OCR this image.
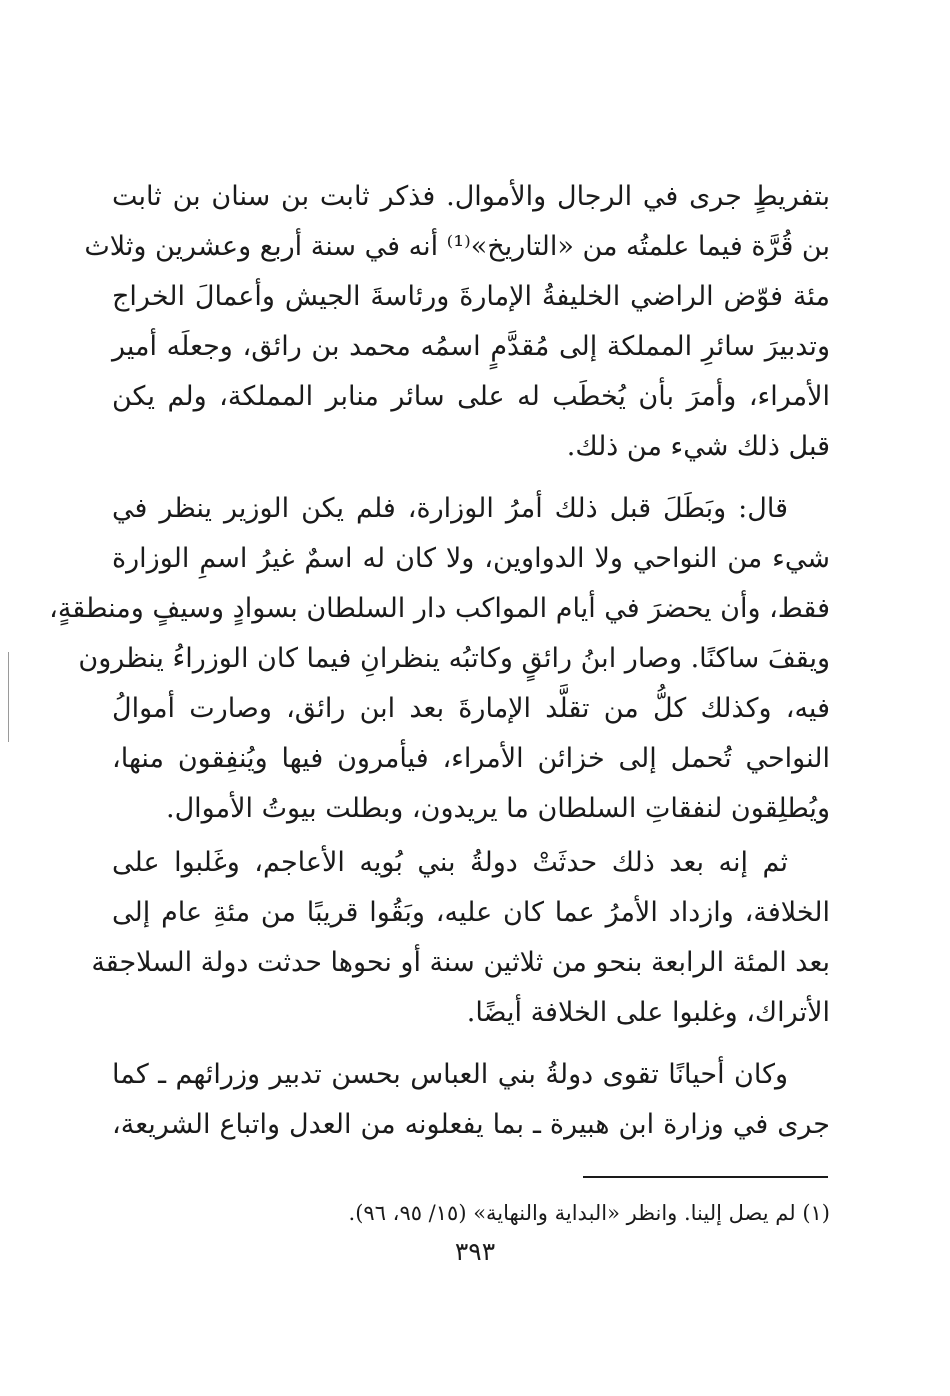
بتفريطٍ جرى في الرجال والأموال. فذكر ثابت بن سنان بن ثابت
بن قُرَّة فيما علمتُه من «التاريخ»⁽¹⁾ أنه في سنة أربع وعشرين وثلاث
مئة فوّض الراضي الخليفةُ الإمارةَ ورئاسةَ الجيش وأعمالَ الخراج
وتدبيرَ سائرِ المملكة إلى مُقدَّمٍ اسمُه محمد بن رائق، وجعلَه أمير
الأمراء، وأمرَ بأن يُخطَب له على سائر منابر المملكة، ولم يكن
قبل ذلك شيء من ذلك.
قال: وبَطَلَ قبل ذلك أمرُ الوزارة، فلم يكن الوزير ينظر في
شيء من النواحي ولا الدواوين، ولا كان له اسمٌ غيرُ اسمِ الوزارة
فقط، وأن يحضرَ في أيام المواكب دار السلطان بسوادٍ وسيفٍ ومنطقةٍ،
ويقفَ ساكنًا. وصار ابنُ رائقٍ وكاتبُه ينظرانِ فيما كان الوزراءُ ينظرون
فيه، وكذلك كلُّ من تقلَّد الإمارةَ بعد ابن رائق، وصارت أموالُ
النواحي تُحمل إلى خزائن الأمراء، فيأمرون فيها ويُنفِقون منها،
ويُطلِقون لنفقاتِ السلطان ما يريدون، وبطلت بيوتُ الأموال.
ثم إنه بعد ذلك حدثَتْ دولةُ بني بُويه الأعاجم، وغَلبوا على
الخلافة، وازداد الأمرُ عما كان عليه، وبَقُوا قريبًا من مئةِ عام إلى
بعد المئة الرابعة بنحو من ثلاثين سنة أو نحوها حدثت دولة السلاجقة
الأتراك، وغلبوا على الخلافة أيضًا.
وكان أحيانًا تقوى دولةُ بني العباس بحسن تدبير وزرائهم ـ كما
جرى في وزارة ابن هبيرة ـ بما يفعلونه من العدل واتباع الشريعة،
(١) لم يصل إلينا. وانظر «البداية والنهاية» (١٥/ ٩٥، ٩٦).
٣٩٣
